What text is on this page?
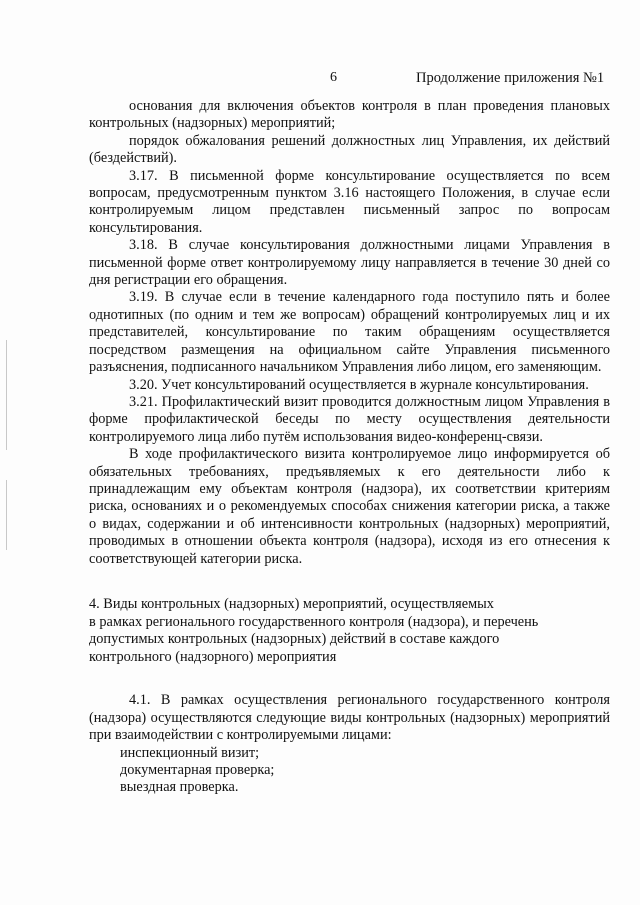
6	Продолжение приложения №1

основания для включения объектов контроля в план проведения плановых контрольных (надзорных) мероприятий;

порядок обжалования решений должностных лиц Управления, их действий (бездействий).

3.17. В письменной форме консультирование осуществляется по всем вопросам, предусмотренным пунктом 3.16 настоящего Положения, в случае если контролируемым лицом представлен письменный запрос по вопросам консультирования.

3.18. В случае консультирования должностными лицами Управления в письменной форме ответ контролируемому лицу направляется в течение 30 дней со дня регистрации его обращения.

3.19. В случае если в течение календарного года поступило пять и более однотипных (по одним и тем же вопросам) обращений контролируемых лиц и их представителей, консультирование по таким обращениям осуществляется посредством размещения на официальном сайте Управления письменного разъяснения, подписанного начальником Управления либо лицом, его заменяющим.

3.20. Учет консультирований осуществляется в журнале консультирования.

3.21. Профилактический визит проводится должностным лицом Управления в форме профилактической беседы по месту осуществления деятельности контролируемого лица либо путём использования видео-конференц-связи.

В ходе профилактического визита контролируемое лицо информируется об обязательных требованиях, предъявляемых к его деятельности либо к принадлежащим ему объектам контроля (надзора), их соответствии критериям риска, основаниях и о рекомендуемых способах снижения категории риска, а также о видах, содержании и об интенсивности контрольных (надзорных) мероприятий, проводимых в отношении объекта контроля (надзора), исходя из его отнесения к соответствующей категории риска.

4. Виды контрольных (надзорных) мероприятий, осуществляемых
в рамках регионального государственного контроля (надзора), и перечень
допустимых контрольных (надзорных) действий в составе каждого
контрольного (надзорного) мероприятия

4.1. В рамках осуществления регионального государственного контроля (надзора) осуществляются следующие виды контрольных (надзорных) мероприятий при взаимодействии с контролируемыми лицами:

инспекционный визит;

документарная проверка;

выездная проверка.
